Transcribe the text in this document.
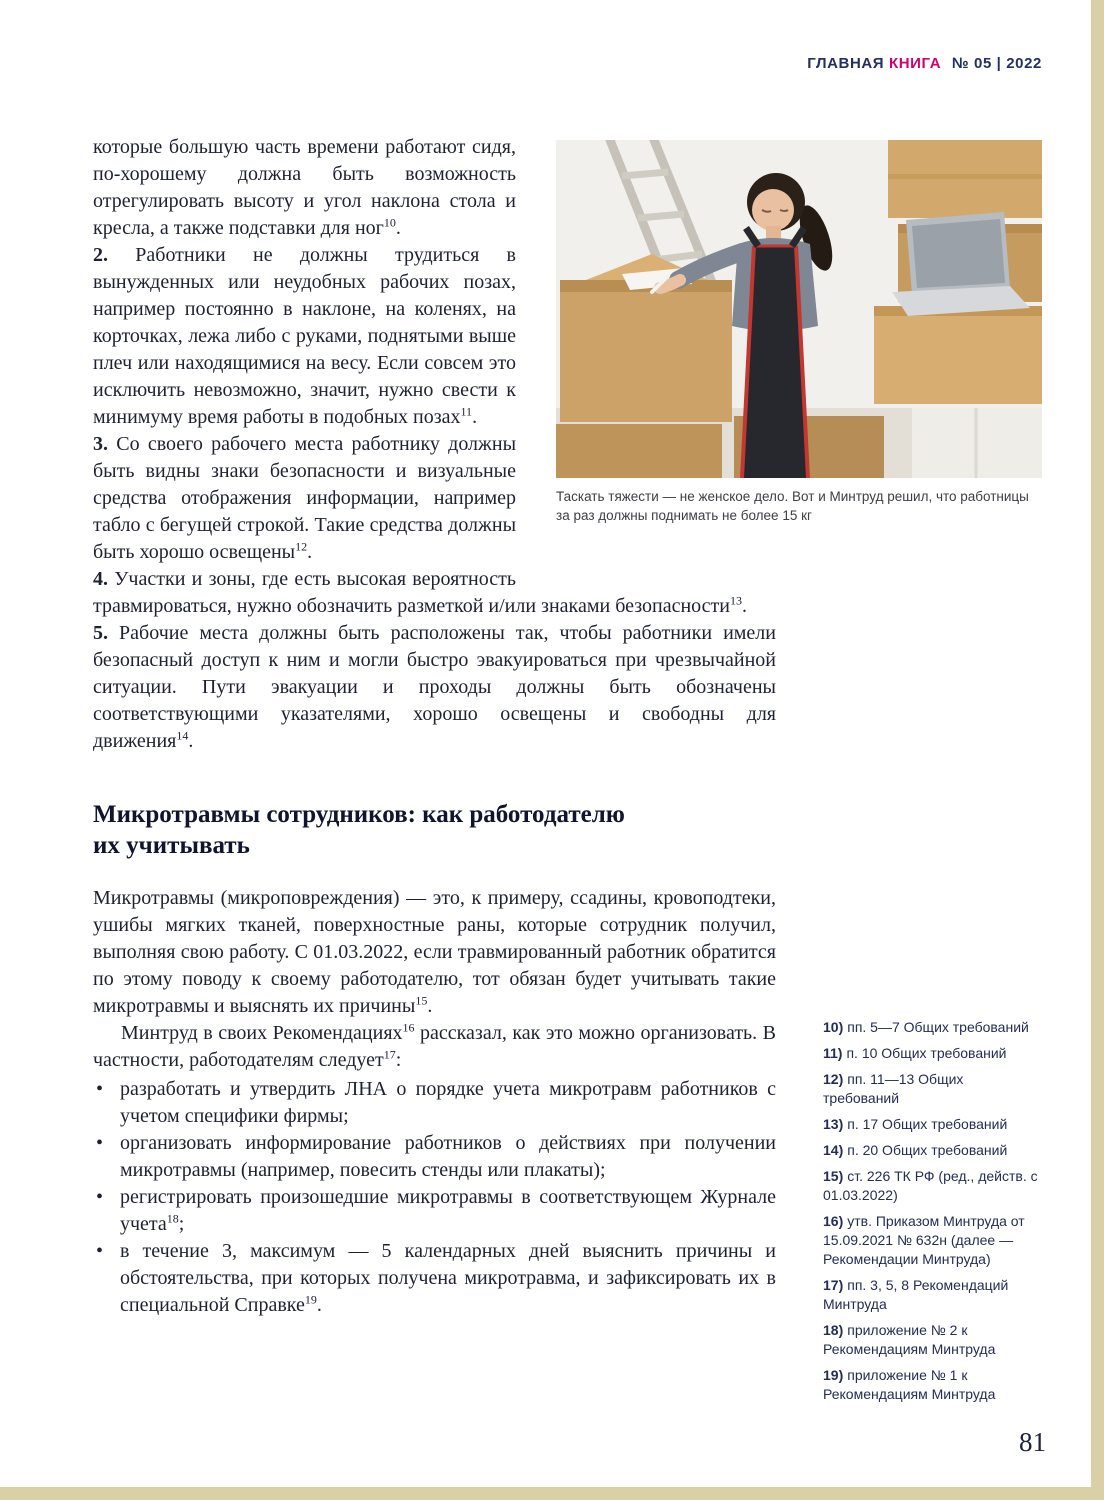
ГЛАВНАЯ КНИГА № 05 | 2022
Таскать тяжести — не женское дело. Вот и Минтруд решил, что работницы за раз должны поднимать не более 15 кг

которые большую часть времени работают сидя, по-хорошему должна быть возможность отрегулировать высоту и угол наклона стола и кресла, а также подставки для ног$^{10}$.

2. Работники не должны трудиться в вынужденных или неудобных рабочих позах, например постоянно в наклоне, на коленях, на корточках, лежа либо с руками, поднятыми выше плеч или находящимися на весу. Если совсем это исключить невозможно, значит, нужно свести к минимуму время работы в подобных позах$^{11}$.

3. Со своего рабочего места работнику должны быть видны знаки безопасности и визуальные средства отображения информации, например табло с бегущей строкой. Такие средства должны быть хорошо освещены$^{12}$.

4. Участки и зоны, где есть высокая вероятность травмироваться, нужно обозначить разметкой и/или знаками безопасности$^{13}$.

5. Рабочие места должны быть расположены так, чтобы работники имели безопасный доступ к ним и могли быстро эвакуироваться при чрезвычайной ситуации. Пути эвакуации и проходы должны быть обозначены соответствующими указателями, хорошо освещены и свободны для движения$^{14}$.

Микротравмы сотрудников: как работодателю
их учитывать

Микротравмы (микроповреждения) — это, к примеру, ссадины, кровоподтеки, ушибы мягких тканей, поверхностные раны, которые сотрудник получил, выполняя свою работу. С 01.03.2022, если травмированный работник обратится по этому поводу к своему работодателю, тот обязан будет учитывать такие микротравмы и выяснять их причины$^{15}$.

Минтруд в своих Рекомендациях$^{16}$ рассказал, как это можно организовать. В частности, работодателям следует$^{17}$:

• разработать и утвердить ЛНА о порядке учета микротравм работников с учетом специфики фирмы;
• организовать информирование работников о действиях при получении микротравмы (например, повесить стенды или плакаты);
• регистрировать произошедшие микротравмы в соответствующем Журнале учета$^{18}$;
• в течение 3, максимум — 5 календарных дней выяснить причины и обстоятельства, при которых получена микротравма, и зафиксировать их в специальной Справке$^{19}$.
10) пп. 5—7 Общих требований
11) п. 10 Общих требований
12) пп. 11—13 Общих требований
13) п. 17 Общих требований
14) п. 20 Общих требований
15) ст. 226 ТК РФ (ред., действ. с 01.03.2022)
16) утв. Приказом Минтруда от 15.09.2021 № 632н (далее — Рекомендации Минтруда)
17) пп. 3, 5, 8 Рекомендаций Минтруда
18) приложение № 2 к Рекомендациям Минтруда
19) приложение № 1 к Рекомендациям Минтруда
81
